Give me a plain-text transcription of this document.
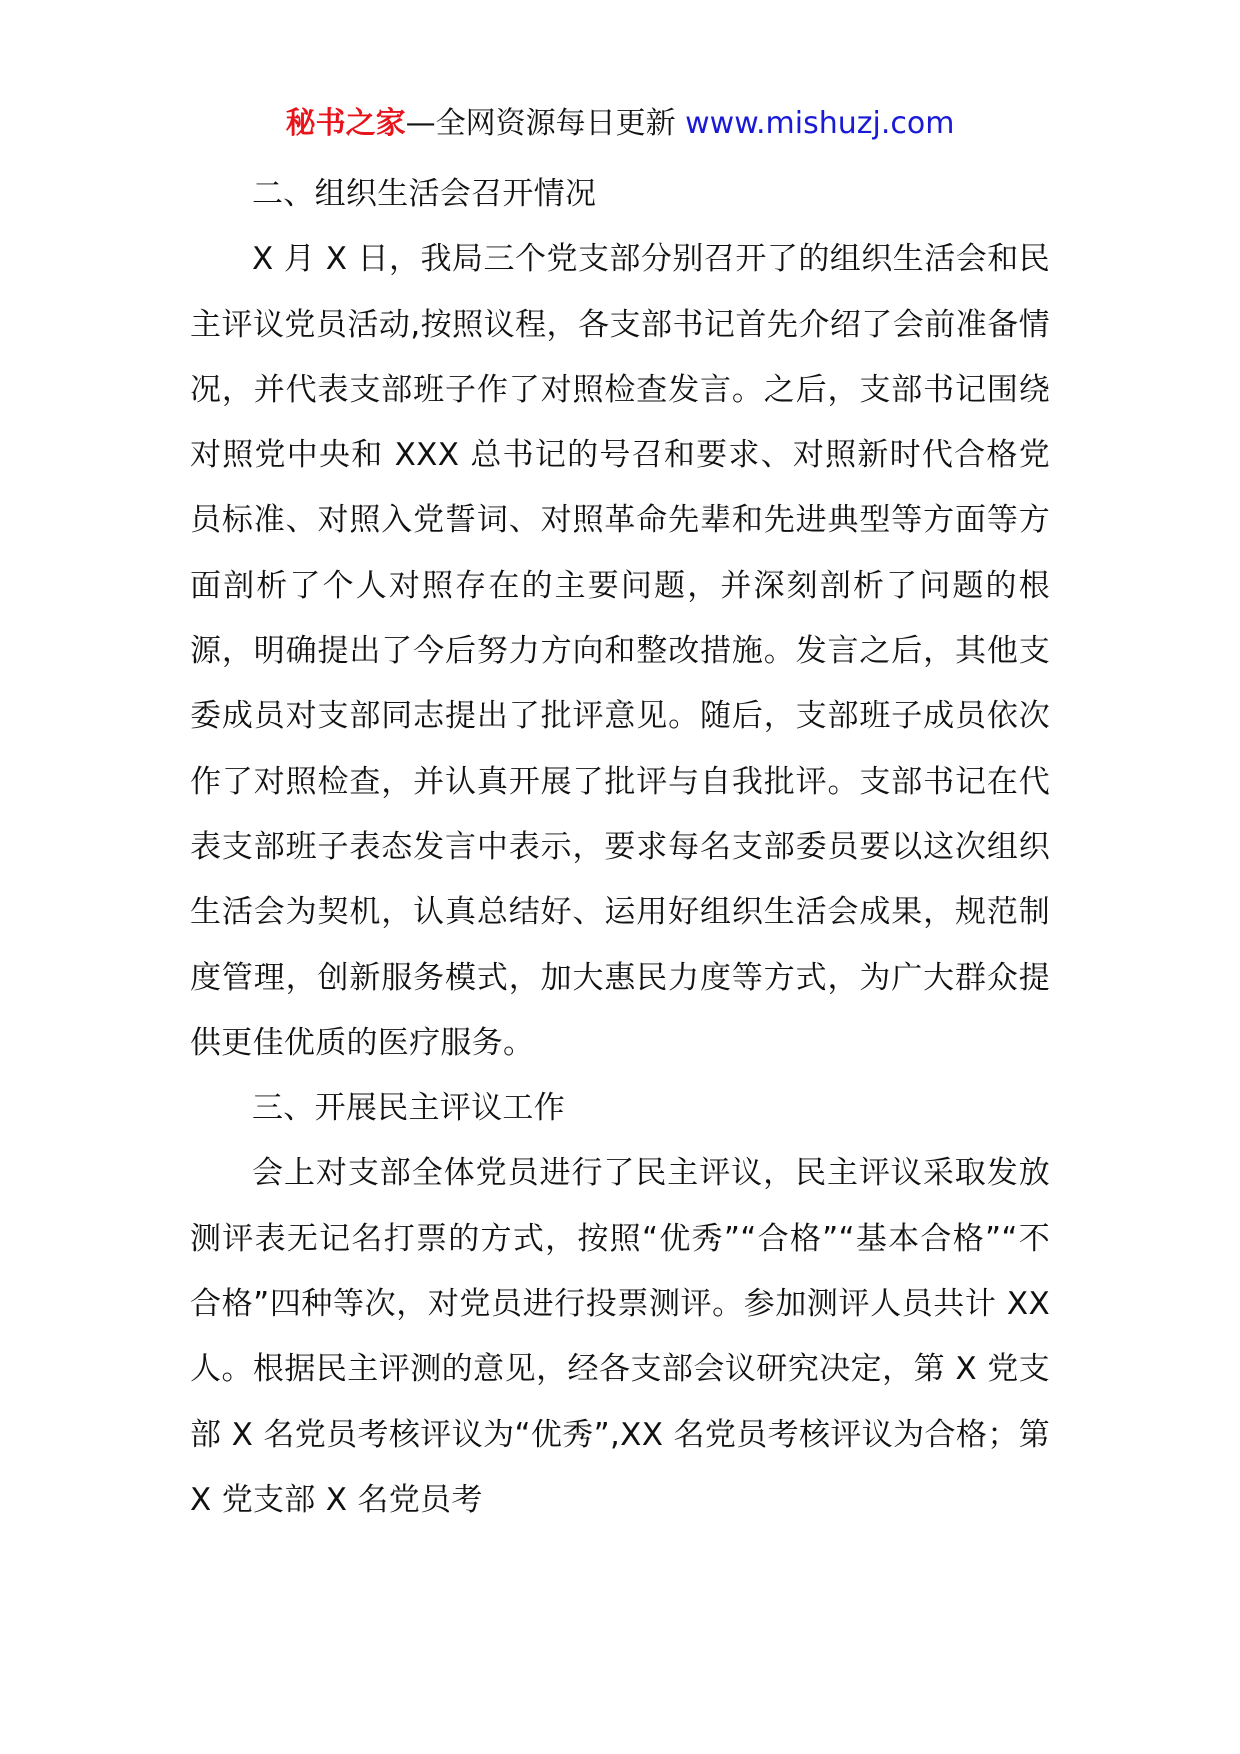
秘书之家—全网资源每日更新 www.mishuzj.com

二、组织生活会召开情况

X 月 X 日，我局三个党支部分别召开了的组织生活会和民主评议党员活动,按照议程，各支部书记首先介绍了会前准备情况，并代表支部班子作了对照检查发言。之后，支部书记围绕对照党中央和 XXX 总书记的号召和要求、对照新时代合格党员标准、对照入党誓词、对照革命先辈和先进典型等方面等方面剖析了个人对照存在的主要问题，并深刻剖析了问题的根源，明确提出了今后努力方向和整改措施。发言之后，其他支委成员对支部同志提出了批评意见。随后，支部班子成员依次作了对照检查，并认真开展了批评与自我批评。支部书记在代表支部班子表态发言中表示，要求每名支部委员要以这次组织生活会为契机，认真总结好、运用好组织生活会成果，规范制度管理，创新服务模式，加大惠民力度等方式，为广大群众提供更佳优质的医疗服务。

三、开展民主评议工作

会上对支部全体党员进行了民主评议，民主评议采取发放测评表无记名打票的方式，按照“优秀”“合格”“基本合格”“不合格”四种等次，对党员进行投票测评。参加测评人员共计 XX 人。根据民主评测的意见，经各支部会议研究决定，第 X 党支部 X 名党员考核评议为“优秀”,XX 名党员考核评议为合格；第 X 党支部 X 名党员考
